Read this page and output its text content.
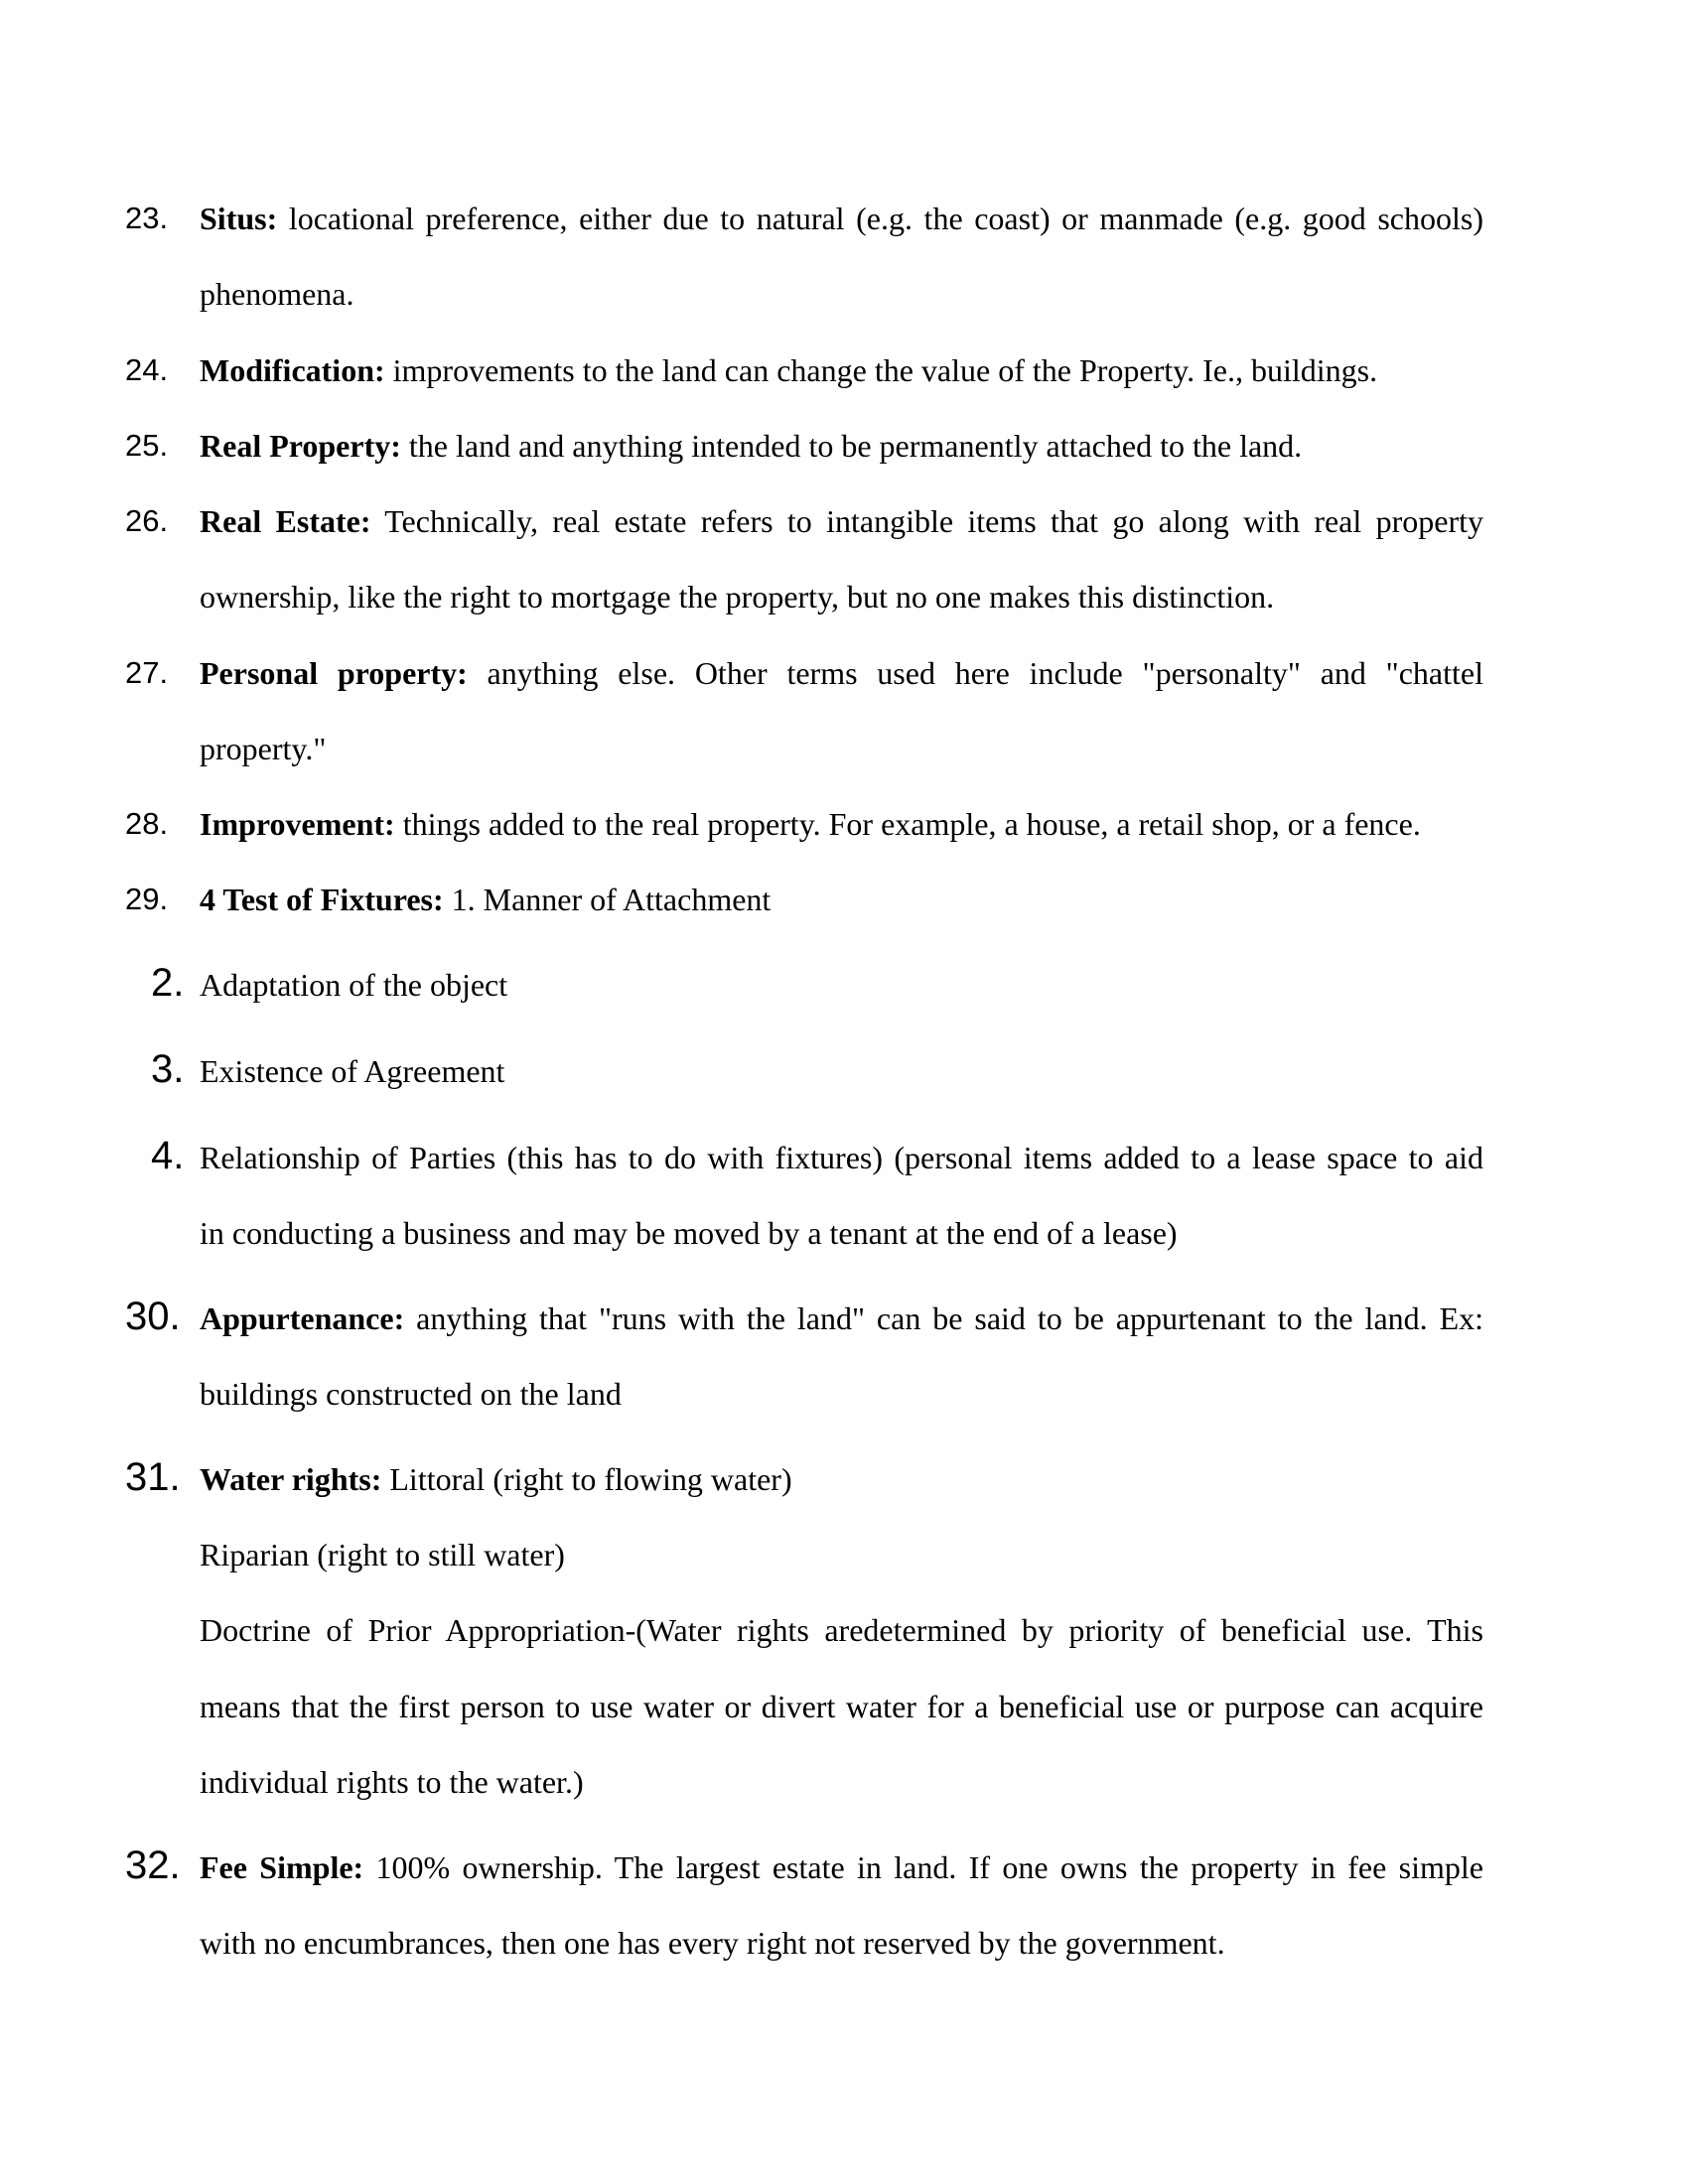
23. Situs: locational preference, either due to natural (e.g. the coast) or manmade (e.g. good schools)
phenomena.
24. Modification: improvements to the land can change the value of the Property. Ie., buildings.
25. Real Property: the land and anything intended to be permanently attached to the land.
26. Real Estate: Technically, real estate refers to intangible items that go along with real property
ownership, like the right to mortgage the property, but no one makes this distinction.
27. Personal property: anything else. Other terms used here include "personalty" and "chattel
property."
28. Improvement: things added to the real property. For example, a house, a retail shop, or a fence.
29. 4 Test of Fixtures: 1. Manner of Attachment
2. Adaptation of the object
3. Existence of Agreement
4. Relationship of Parties (this has to do with fixtures) (personal items added to a lease space to aid
in conducting a business and may be moved by a tenant at the end of a lease)
30. Appurtenance: anything that "runs with the land" can be said to be appurtenant to the land. Ex:
buildings constructed on the land
31. Water rights: Littoral (right to flowing water)
Riparian (right to still water)
Doctrine of Prior Appropriation-(Water rights aredetermined by priority of beneficial use. This
means that the first person to use water or divert water for a beneficial use or purpose can acquire
individual rights to the water.)
32. Fee Simple: 100% ownership. The largest estate in land. If one owns the property in fee simple
with no encumbrances, then one has every right not reserved by the government.
